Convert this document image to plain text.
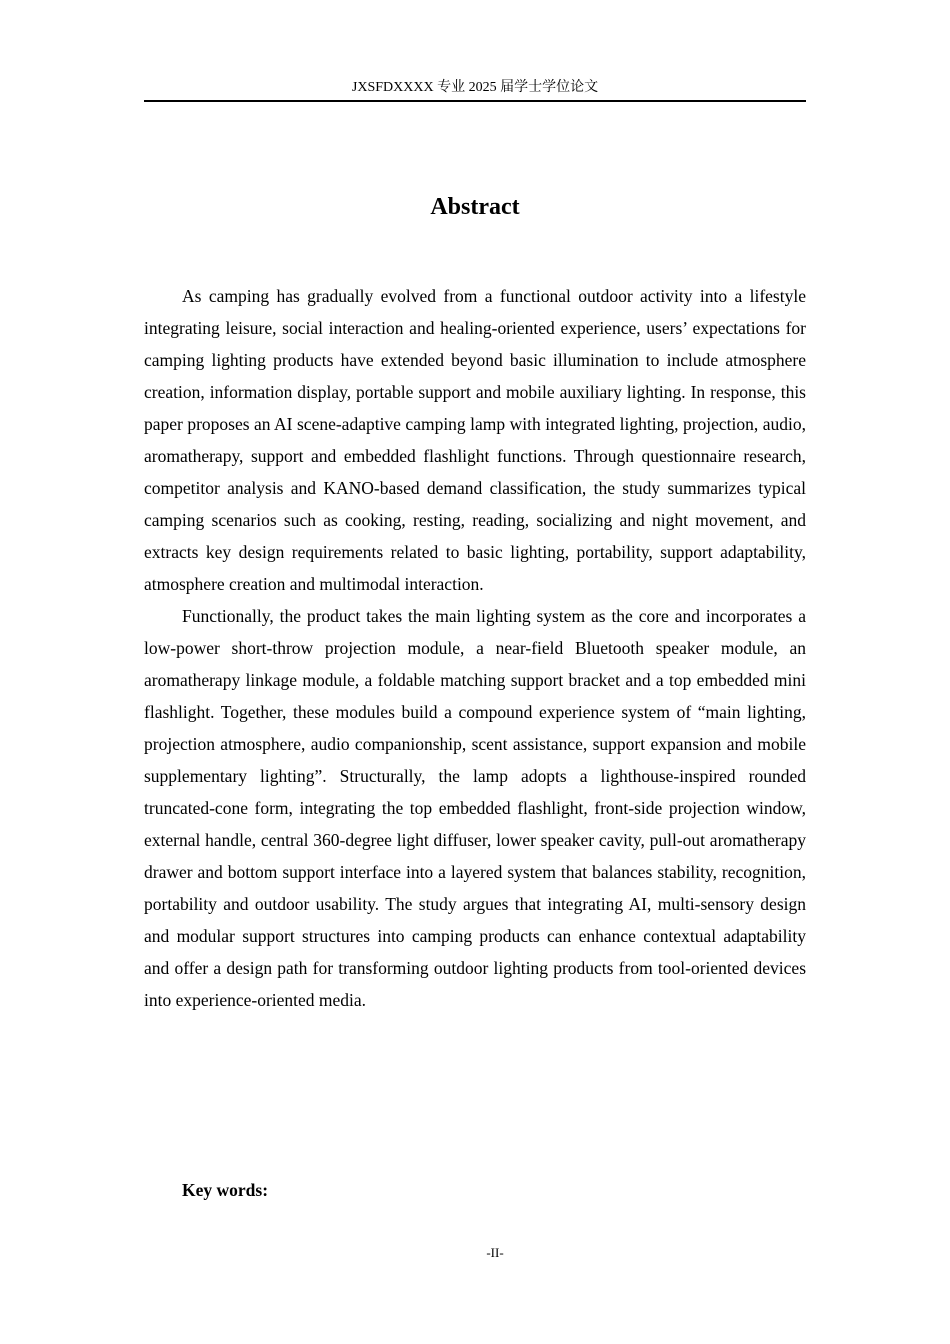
JXSFDXXXX 专业 2025 届学士学位论文
Abstract

As camping has gradually evolved from a functional outdoor activity into a lifestyle integrating leisure, social interaction and healing-oriented experience, users’ expectations for camping lighting products have extended beyond basic illumination to include atmosphere creation, information display, portable support and mobile auxiliary lighting. In response, this paper proposes an AI scene-adaptive camping lamp with integrated lighting, projection, audio, aromatherapy, support and embedded flashlight functions. Through questionnaire research, competitor analysis and KANO-based demand classification, the study summarizes typical camping scenarios such as cooking, resting, reading, socializing and night movement, and extracts key design requirements related to basic lighting, portability, support adaptability, atmosphere creation and multimodal interaction.

Functionally, the product takes the main lighting system as the core and incorporates a low-power short-throw projection module, a near-field Bluetooth speaker module, an aromatherapy linkage module, a foldable matching support bracket and a top embedded mini flashlight. Together, these modules build a compound experience system of “main lighting, projection atmosphere, audio companionship, scent assistance, support expansion and mobile supplementary lighting”. Structurally, the lamp adopts a lighthouse-inspired rounded truncated-cone form, integrating the top embedded flashlight, front-side projection window, external handle, central 360-degree light diffuser, lower speaker cavity, pull-out aromatherapy drawer and bottom support interface into a layered system that balances stability, recognition, portability and outdoor usability. The study argues that integrating AI, multi-sensory design and modular support structures into camping products can enhance contextual adaptability and offer a design path for transforming outdoor lighting products from tool-oriented devices into experience-oriented media.

Key words:
-II-
